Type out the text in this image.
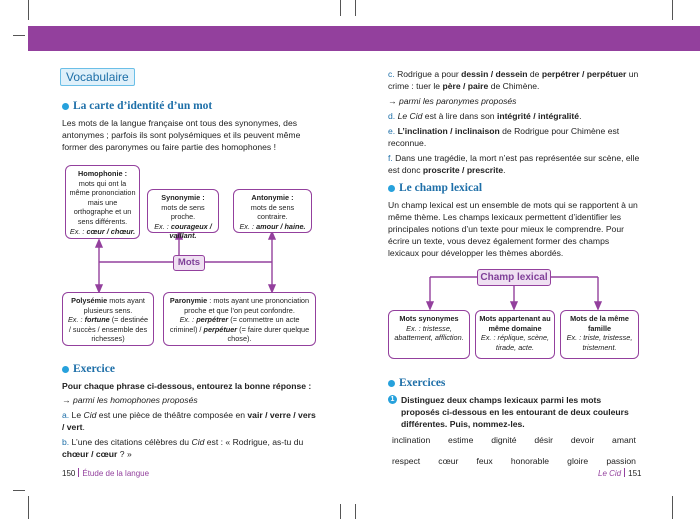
Vocabulaire
La carte d’identité d’un mot

Les mots de la langue française ont tous des synonymes, des antonymes ; parfois ils sont polysémiques et ils peuvent même former des paronymes ou faire partie des homophones !

Homophonie :
mots qui ont la même prononciation mais une orthographe et un sens différents.
Ex. : cœur / chœur.
Synonymie :
mots de sens proche.
Ex. : courageux / vaillant.
Antonymie :
mots de sens contraire.
Ex. : amour / haine.
Mots
Polysémie mots ayant plusieurs sens.
Ex. : fortune (= destinée / succès / ensemble des richesses)
Paronymie : mots ayant une prononciation proche et que l’on peut confondre.
Ex. : perpétrer (= commettre un acte criminel) / perpétuer (= faire durer quelque chose).
Exercice

Pour chaque phrase ci-dessous, entourez la bonne réponse :

→ parmi les homophones proposés

a. Le Cid est une pièce de théâtre composée en vair / verre / vers / vert.

b. L’une des citations célèbres du Cid est : « Rodrigue, as-tu du chœur / cœur ? »

c. Rodrigue a pour dessin / dessein de perpétrer / perpétuer un crime : tuer le père / paire de Chimène.

→ parmi les paronymes proposés

d. Le Cid est à lire dans son intégrité / intégralité.

e. L’inclination / inclinaison de Rodrigue pour Chimène est reconnue.

f. Dans une tragédie, la mort n’est pas représentée sur scène, elle est donc proscrite / prescrite.

Le champ lexical

Un champ lexical est un ensemble de mots qui se rapportent à un même thème. Les champs lexicaux permettent d’identifier les principales notions d’un texte pour mieux le comprendre. Pour écrire un texte, vous devez également former des champs lexicaux pour développer les thèmes abordés.

Champ lexical
Mots synonymes
Ex. : tristesse, abattement, affliction.
Mots appartenant au même domaine
Ex. : réplique, scène, tirade, acte.
Mots de la même famille
Ex. : triste, tristesse, tristement.
Exercices
1 Distinguez deux champs lexicaux parmi les mots proposés ci-dessous en les entourant de deux couleurs différentes. Puis, nommez-les.
inclination estime dignité désir devoir amant
respect cœur feux honorable gloire passion
150 Étude de la langue	Le Cid 151
